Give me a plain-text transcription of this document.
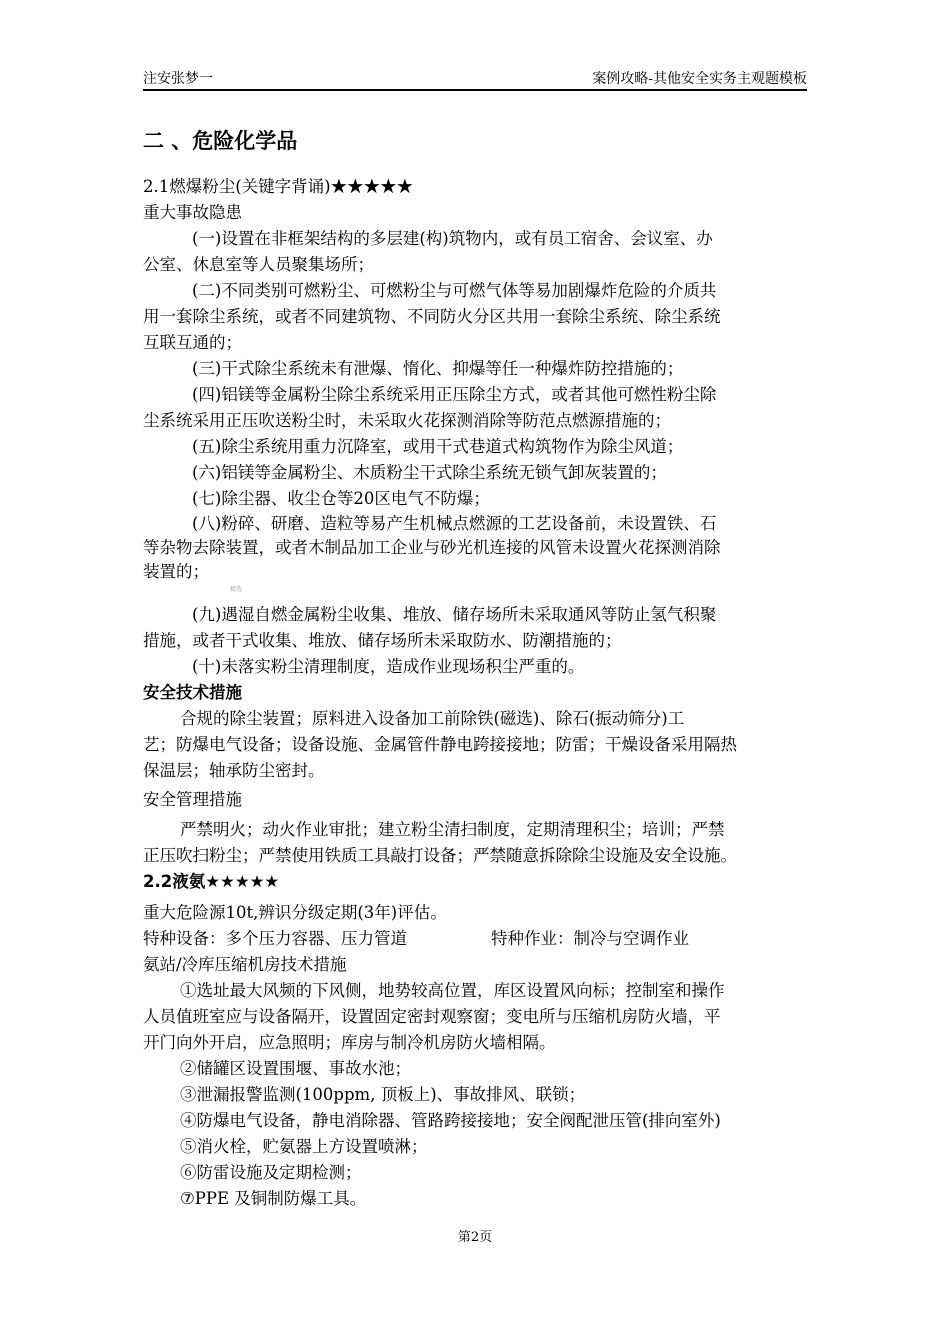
注安张梦一	案例攻略-其他安全实务主观题模板
二 、危险化学品
2.1燃爆粉尘(关键字背诵)★★★★★
重大事故隐患
(一)设置在非框架结构的多层建(构)筑物内，或有员工宿舍、会议室、办
公室、休息室等人员聚集场所；
(二)不同类别可燃粉尘、可燃粉尘与可燃气体等易加剧爆炸危险的介质共
用一套除尘系统，或者不同建筑物、不同防火分区共用一套除尘系统、除尘系统
互联互通的；
(三)干式除尘系统未有泄爆、惰化、抑爆等任一种爆炸防控措施的；
(四)铝镁等金属粉尘除尘系统采用正压除尘方式，或者其他可燃性粉尘除
尘系统采用正压吹送粉尘时，未采取火花探测消除等防范点燃源措施的；
(五)除尘系统用重力沉降室，或用干式巷道式构筑物作为除尘风道；
(六)铝镁等金属粉尘、木质粉尘干式除尘系统无锁气卸灰装置的；
(七)除尘器、收尘仓等20区电气不防爆；
(八)粉碎、研磨、造粒等易产生机械点燃源的工艺设备前，未设置铁、石
等杂物去除装置，或者木制品加工企业与砂光机连接的风管未设置火花探测消除
装置的；
精选
(九)遇湿自燃金属粉尘收集、堆放、储存场所未采取通风等防止氢气积聚
措施，或者干式收集、堆放、储存场所未采取防水、防潮措施的；
(十)未落实粉尘清理制度，造成作业现场积尘严重的。
安全技术措施
合规的除尘装置；原料进入设备加工前除铁(磁选)、除石(振动筛分)工
艺；防爆电气设备；设备设施、金属管件静电跨接接地；防雷；干燥设备采用隔热
保温层；轴承防尘密封。
安全管理措施
严禁明火；动火作业审批；建立粉尘清扫制度，定期清理积尘；培训；严禁
正压吹扫粉尘；严禁使用铁质工具敲打设备；严禁随意拆除除尘设施及安全设施。
2.2液氨★★★★★
重大危险源10t,辨识分级定期(3年)评估。
特种设备：多个压力容器、压力管道	特种作业：制冷与空调作业
氨站/冷库压缩机房技术措施
①选址最大风频的下风侧，地势较高位置，库区设置风向标；控制室和操作
人员值班室应与设备隔开，设置固定密封观察窗；变电所与压缩机房防火墙，平
开门向外开启，应急照明；库房与制冷机房防火墙相隔。
②储罐区设置围堰、事故水池；
③泄漏报警监测(100ppm, 顶板上)、事故排风、联锁；
④防爆电气设备，静电消除器、管路跨接接地；安全阀配泄压管(排向室外)
⑤消火栓，贮氨器上方设置喷淋；
⑥防雷设施及定期检测；
⑦PPE 及铜制防爆工具。
第2页
